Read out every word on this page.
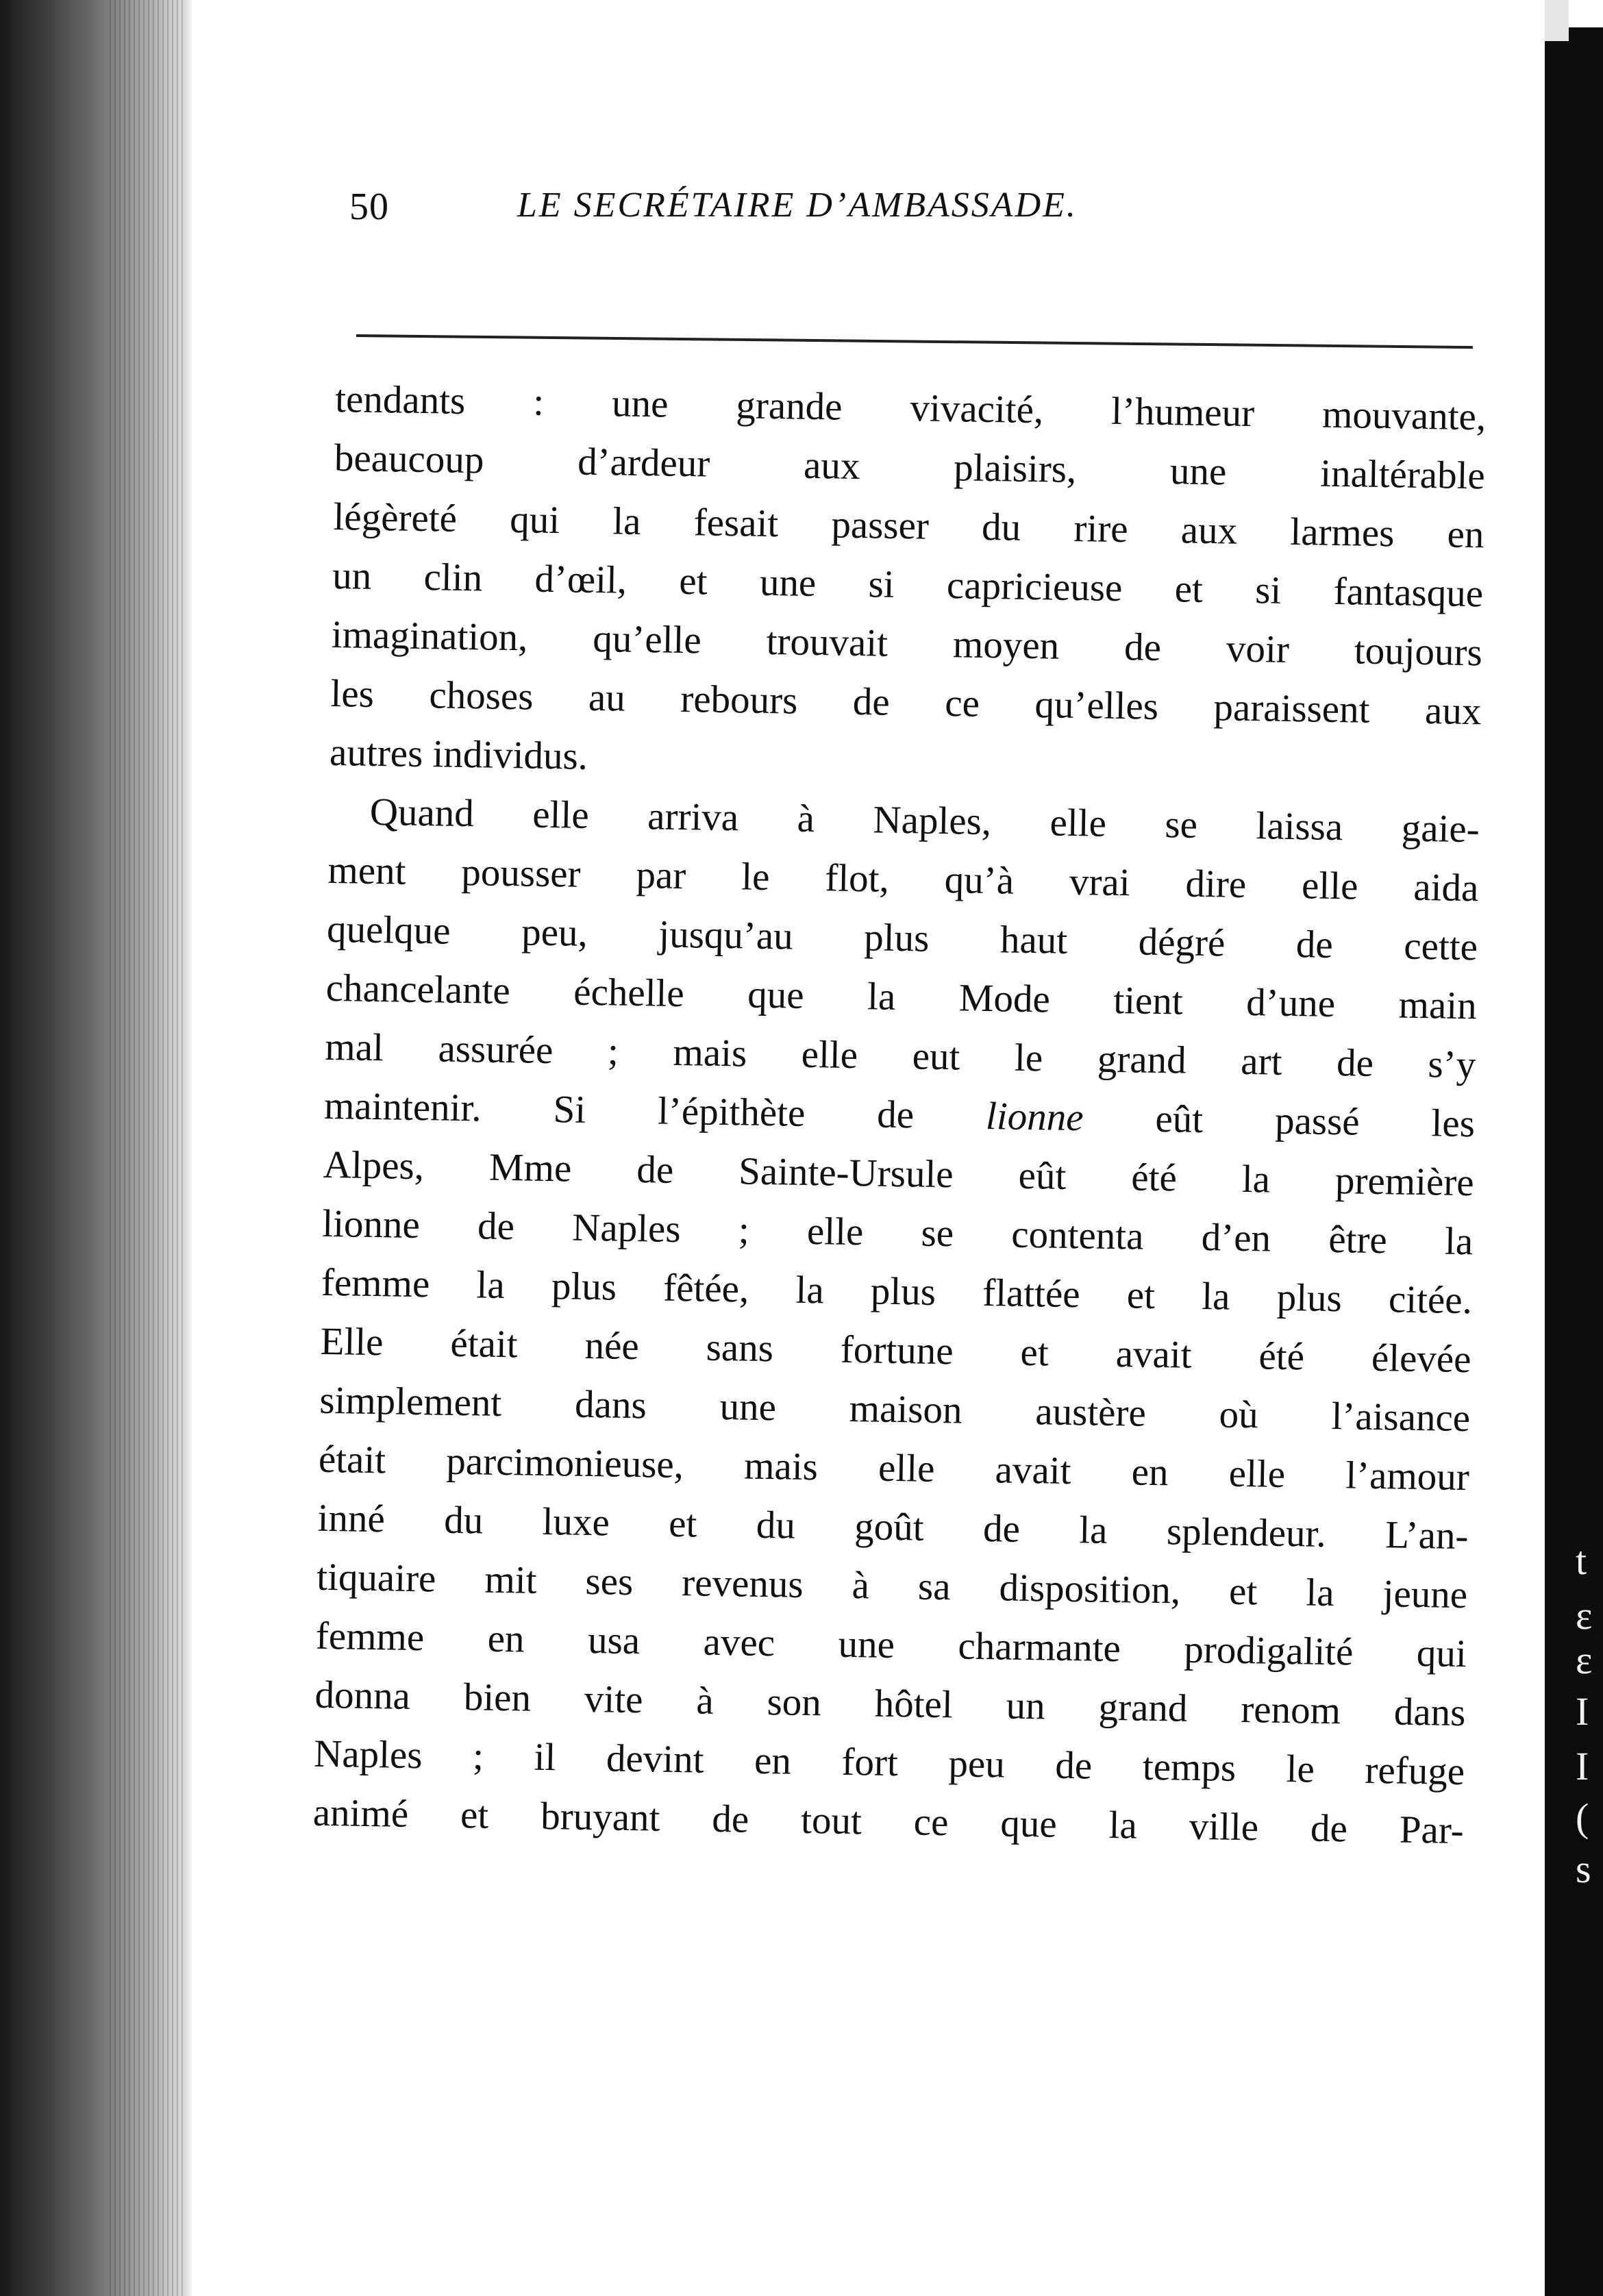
t
ɛ
ɛ
I
I
(
s
50	LE SECRÉTAIRE D’AMBASSADE.
tendants : une grande vivacité, l’humeur mouvante,
beaucoup d’ardeur aux plaisirs, une inaltérable
légèreté qui la fesait passer du rire aux larmes en
un clin d’œil, et une si capricieuse et si fantasque
imagination, qu’elle trouvait moyen de voir toujours
les choses au rebours de ce qu’elles paraissent aux
autres individus.
Quand elle arriva à Naples, elle se laissa gaie-
ment pousser par le flot, qu’à vrai dire elle aida
quelque peu, jusqu’au plus haut dégré de cette
chancelante échelle que la Mode tient d’une main
mal assurée ; mais elle eut le grand art de s’y
maintenir. Si l’épithète de lionne eût passé les
Alpes, Mme de Sainte-Ursule eût été la première
lionne de Naples ; elle se contenta d’en être la
femme la plus fêtée, la plus flattée et la plus citée.
Elle était née sans fortune et avait été élevée
simplement dans une maison austère où l’aisance
était parcimonieuse, mais elle avait en elle l’amour
inné du luxe et du goût de la splendeur. L’an-
tiquaire mit ses revenus à sa disposition, et la jeune
femme en usa avec une charmante prodigalité qui
donna bien vite à son hôtel un grand renom dans
Naples ; il devint en fort peu de temps le refuge
animé et bruyant de tout ce que la ville de Par-
